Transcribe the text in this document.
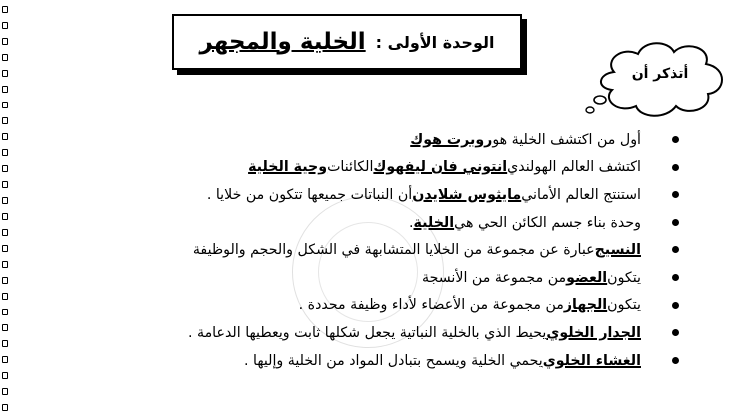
الوحدة الأولى :
الخلية والمجهر
أتذكر أن
أول من اكتشف الخلية هو
روبرت هوك
اكتشف العالم الهولندي
انتوني فان ليفهوك
الكائنات
وحية الخلية
استنتج العالم الأماني
مايثوس شلايدن
أن النباتات جميعها تتكون من خلايا .
وحدة بناء جسم الكائن الحي هي
الخلية
.
النسيج
عبارة عن مجموعة من الخلايا المتشابهة في الشكل والحجم والوظيفة
يتكون
العضو
من مجموعة من الأنسجة
يتكون
الجهاز
من مجموعة من الأعضاء لأداء وظيفة محددة .
الجدار الخلوي
يحيط الذي بالخلية النباتية يجعل شكلها ثابت ويعطيها الدعامة .
الغشاء الخلوي
يحمي الخلية ويسمح بتبادل المواد من الخلية وإليها .
